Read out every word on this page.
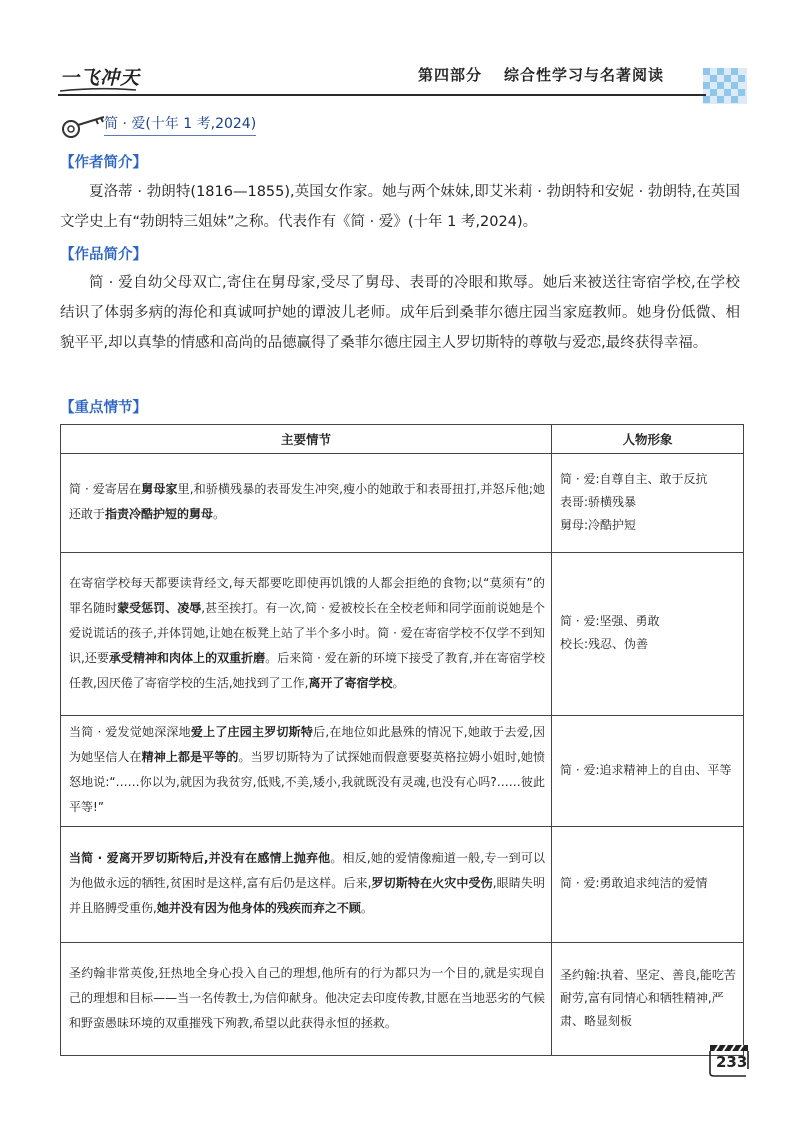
一飞冲天	第四部分 综合性学习与名著阅读
简 · 爱(十年 1 考,2024)
【作者简介】

夏洛蒂 · 勃朗特(1816—1855),英国女作家。她与两个妹妹,即艾米莉 · 勃朗特和安妮 · 勃朗特,在英国文学史上有“勃朗特三姐妹”之称。代表作有《简 · 爱》(十年 1 考,2024)。

【作品简介】

简 · 爱自幼父母双亡,寄住在舅母家,受尽了舅母、表哥的冷眼和欺辱。她后来被送往寄宿学校,在学校结识了体弱多病的海伦和真诚呵护她的谭波儿老师。成年后到桑菲尔德庄园当家庭教师。她身份低微、相貌平平,却以真挚的情感和高尚的品德赢得了桑菲尔德庄园主人罗切斯特的尊敬与爱恋,最终获得幸福。

【重点情节】
主要情节	人物形象
简 · 爱寄居在舅母家里,和骄横残暴的表哥发生冲突,瘦小的她敢于和表哥扭打,并怒斥他;她还敢于指责冷酷护短的舅母。	简 · 爱:自尊自主、敢于反抗
表哥:骄横残暴
舅母:冷酷护短

在寄宿学校每天都要读背经文,每天都要吃即使再饥饿的人都会拒绝的食物;以“莫须有”的罪名随时蒙受惩罚、凌辱,甚至挨打。有一次,简 · 爱被校长在全校老师和同学面前说她是个爱说谎话的孩子,并体罚她,让她在板凳上站了半个多小时。简 · 爱在寄宿学校不仅学不到知识,还要承受精神和肉体上的双重折磨。后来简 · 爱在新的环境下接受了教育,并在寄宿学校任教,因厌倦了寄宿学校的生活,她找到了工作,离开了寄宿学校。	简 · 爱:坚强、勇敢
校长:残忍、伪善

当简 · 爱发觉她深深地爱上了庄园主罗切斯特后,在地位如此悬殊的情况下,她敢于去爱,因为她坚信人在精神上都是平等的。当罗切斯特为了试探她而假意要娶英格拉姆小姐时,她愤怒地说:“……你以为,就因为我贫穷,低贱,不美,矮小,我就既没有灵魂,也没有心吗?……彼此平等!”	简 · 爱:追求精神上的自由、平等

当简 · 爱离开罗切斯特后,并没有在感情上抛弃他。相反,她的爱情像痴道一般,专一到可以为他做永远的牺牲,贫困时是这样,富有后仍是这样。后来,罗切斯特在火灾中受伤,眼睛失明并且胳膊受重伤,她并没有因为他身体的残疾而弃之不顾。	简 · 爱:勇敢追求纯洁的爱情

圣约翰非常英俊,狂热地全身心投入自己的理想,他所有的行为都只为一个目的,就是实现自己的理想和目标——当一名传教士,为信仰献身。他决定去印度传教,甘愿在当地恶劣的气候和野蛮愚昧环境的双重摧残下殉教,希望以此获得永恒的拯救。	圣约翰:执着、坚定、善良,能吃苦耐劳,富有同情心和牺牲精神,严肃、略显刻板
233
